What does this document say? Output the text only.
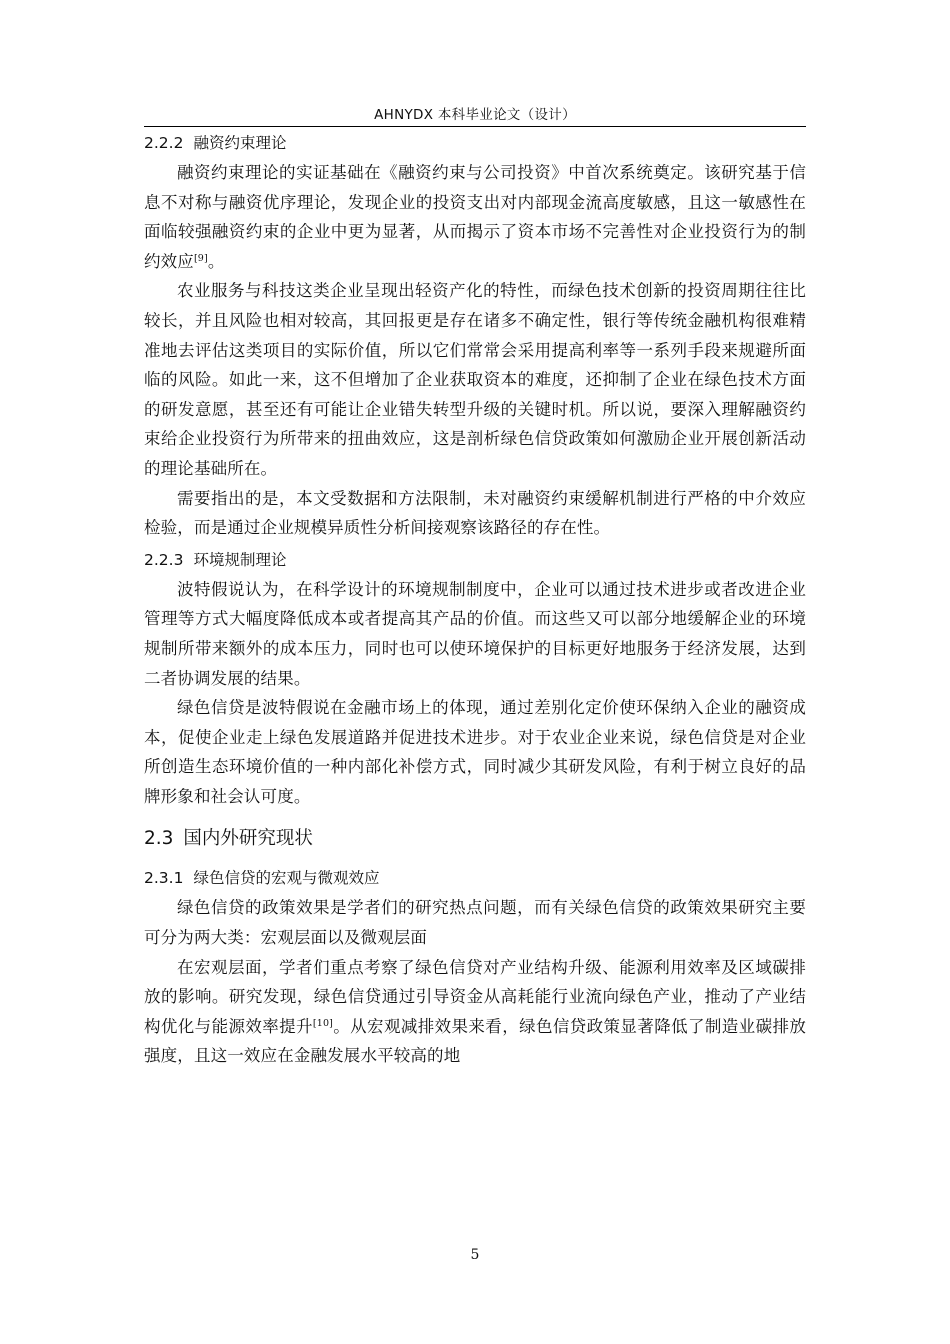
AHNYDX 本科毕业论文（设计）
2.2.2 融资约束理论

融资约束理论的实证基础在《融资约束与公司投资》中首次系统奠定。该研究基于信息不对称与融资优序理论，发现企业的投资支出对内部现金流高度敏感，且这一敏感性在面临较强融资约束的企业中更为显著，从而揭示了资本市场不完善性对企业投资行为的制约效应[9]。

农业服务与科技这类企业呈现出轻资产化的特性，而绿色技术创新的投资周期往往比较长，并且风险也相对较高，其回报更是存在诸多不确定性，银行等传统金融机构很难精准地去评估这类项目的实际价值，所以它们常常会采用提高利率等一系列手段来规避所面临的风险。如此一来，这不但增加了企业获取资本的难度，还抑制了企业在绿色技术方面的研发意愿，甚至还有可能让企业错失转型升级的关键时机。所以说，要深入理解融资约束给企业投资行为所带来的扭曲效应，这是剖析绿色信贷政策如何激励企业开展创新活动的理论基础所在。

需要指出的是，本文受数据和方法限制，未对融资约束缓解机制进行严格的中介效应检验，而是通过企业规模异质性分析间接观察该路径的存在性。

2.2.3 环境规制理论

波特假说认为，在科学设计的环境规制制度中，企业可以通过技术进步或者改进企业管理等方式大幅度降低成本或者提高其产品的价值。而这些又可以部分地缓解企业的环境规制所带来额外的成本压力，同时也可以使环境保护的目标更好地服务于经济发展，达到二者协调发展的结果。

绿色信贷是波特假说在金融市场上的体现，通过差别化定价使环保纳入企业的融资成本，促使企业走上绿色发展道路并促进技术进步。对于农业企业来说，绿色信贷是对企业所创造生态环境价值的一种内部化补偿方式，同时减少其研发风险，有利于树立良好的品牌形象和社会认可度。

2.3 国内外研究现状
2.3.1 绿色信贷的宏观与微观效应

绿色信贷的政策效果是学者们的研究热点问题，而有关绿色信贷的政策效果研究主要可分为两大类：宏观层面以及微观层面

在宏观层面，学者们重点考察了绿色信贷对产业结构升级、能源利用效率及区域碳排放的影响。研究发现，绿色信贷通过引导资金从高耗能行业流向绿色产业，推动了产业结构优化与能源效率提升[10]。从宏观减排效果来看，绿色信贷政策显著降低了制造业碳排放强度，且这一效应在金融发展水平较高的地

5
